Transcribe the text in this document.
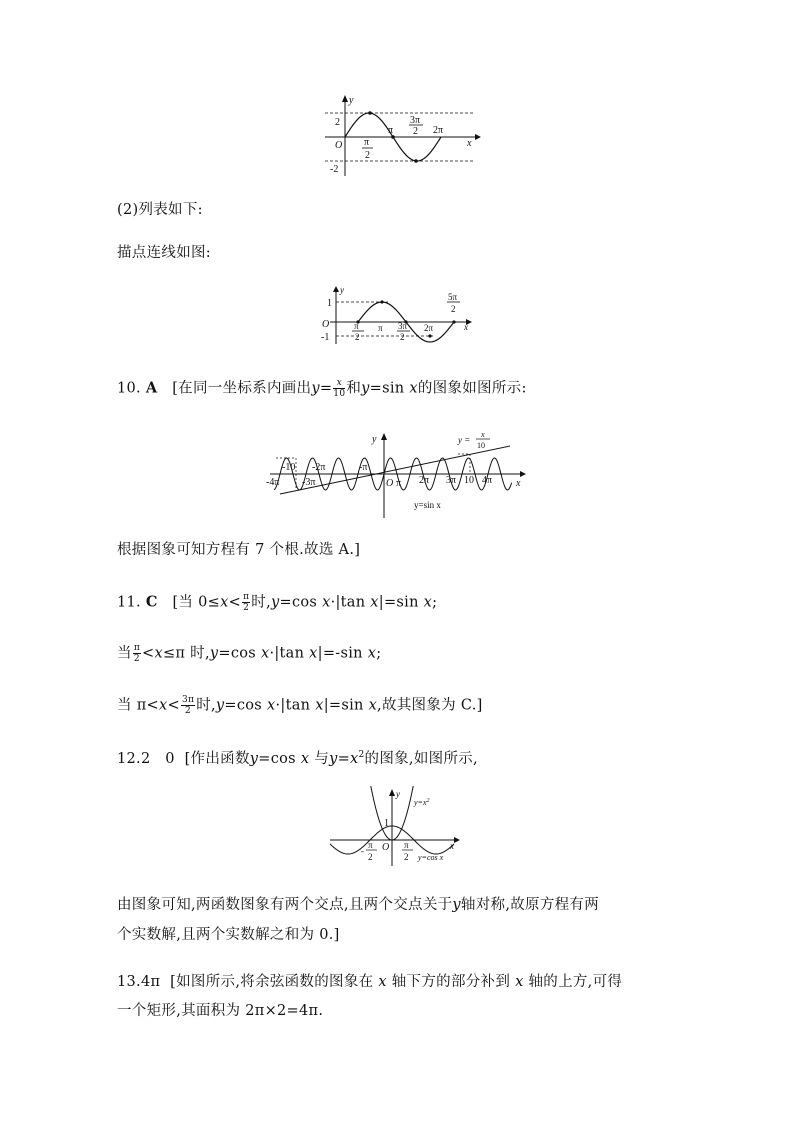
y
x
O
2
-2
π
2
π
3π
2 2π
(2)列表如下:
描点连线如图:
y
x
O
1
-1
π
2
π 3π
2
2π
5π
2
10. A [在同一坐标系内画出$y= \frac{x}{10}$ 和y=sin x的图象如图所示:
y
x
O
-10 -2π	-π
-4π -3π	π 2π 3π 10 4π
y =
x
10
y=sin x
根据图象可知方程有 7 个根.故选 A.]
11. C [当 $0\le x< \frac{\pi}{2}$ 时,y=cos x·|tan x|=sin x;
当 $\frac{\pi}{2} <x\le\pi$ 时,y=cos x·|tan x|=-sin x;
当 $\pi<x< \frac{3\pi}{2}$ 时,y=cos x·|tan x|=sin x,故其图象为 C.]
12.2 0 [作出函数y=cos x 与$y=x^2$的图象,如图所示,
y
x
O
1
-
π
2
π
2
$y=x^2$
y=cos x
由图象可知,两函数图象有两个交点,且两个交点关于y轴对称,故原方程有两
个实数解,且两个实数解之和为 0.]
13.4π [如图所示,将余弦函数的图象在 x 轴下方的部分补到 x 轴的上方,可得
一个矩形,其面积为 2π×2=4π.
